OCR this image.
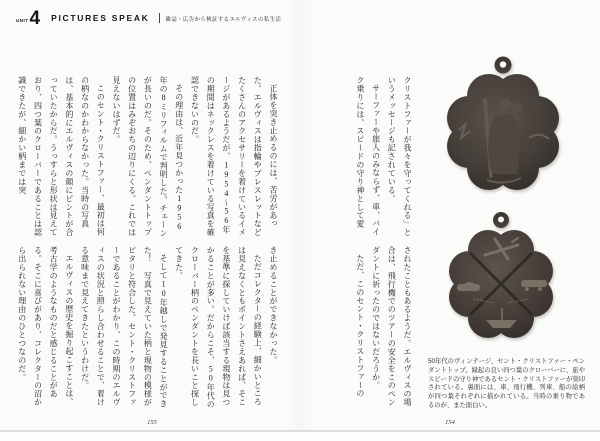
UNIT 4 PICTURES SPEAK	雑誌・広告から検証するエルヴィスの私生活

正体を突き止めるのには、苦労があった。エルヴィスは指輪やブレスレットなどたくさんのアクセサリーを着けているイメージがあるようだが、1954〜56年の期間はネックレスを着けている写真を確認できないのだ。

その理由は、近年見つかった1956年の8ミリフィルムで判明した。チェーンが長いのだ。そのため、ペンダントトップの位置はみぞおちの辺りにくる。これでは見えないはずだ。

このセント・クリストファー、最初は何の柄なのかわからなかった。当時の写真は、基本的にエルヴィスの顔にピントが合っていたからだ。うっすらと形状は見えており、四つ葉のクローバーであることは認識できたが、細かい柄までは突

き止めることができなかった。

ただコレクターの経験上、細かいところは見えなくともポイントさえあれば、そこを基準に探していけば該当する現物は見つかることが多い。だからこそ、50年代のクローバー柄のペンダントを長いこと探してきた。

そして10年越しで発見することができた！　写真で見えていた柄と現物の模様がピタリと符合した。セント・クリストファーであることがわかり、この時期のエルヴィスの状況と照らし合わせることで、着ける意味まで見えてきたというわけだ。

エルヴィスの歴史を掘り起こすことは、考古学のようなものだと感じることがある。そこに喜びがあり、コレクターの沼から出られない理由のひとつなのだ。

155

クリストファーが我々を守ってくれる」というメッセージも記されている。

サーファーや旅人のみならず、車、バイク乗りには、スピードの守り神として愛

されたこともあるようだ。エルヴィスの場合は、飛行機でのツアーの安全をこのペンダントに祈ったのではないだろうか。

ただ、このセント・クリストファーの	50年代のヴィンテージ、セント・クリストファー・ペンダントトップ。縁起の良い四つ葉のクローバーに、旅やスピードの守り神であるセント・クリストファーが刻印されている。裏面には、車、飛行機、列車、船の絵柄が四つ葉それぞれに描かれている。当時の乗り物であるのが、また面白い。

154
